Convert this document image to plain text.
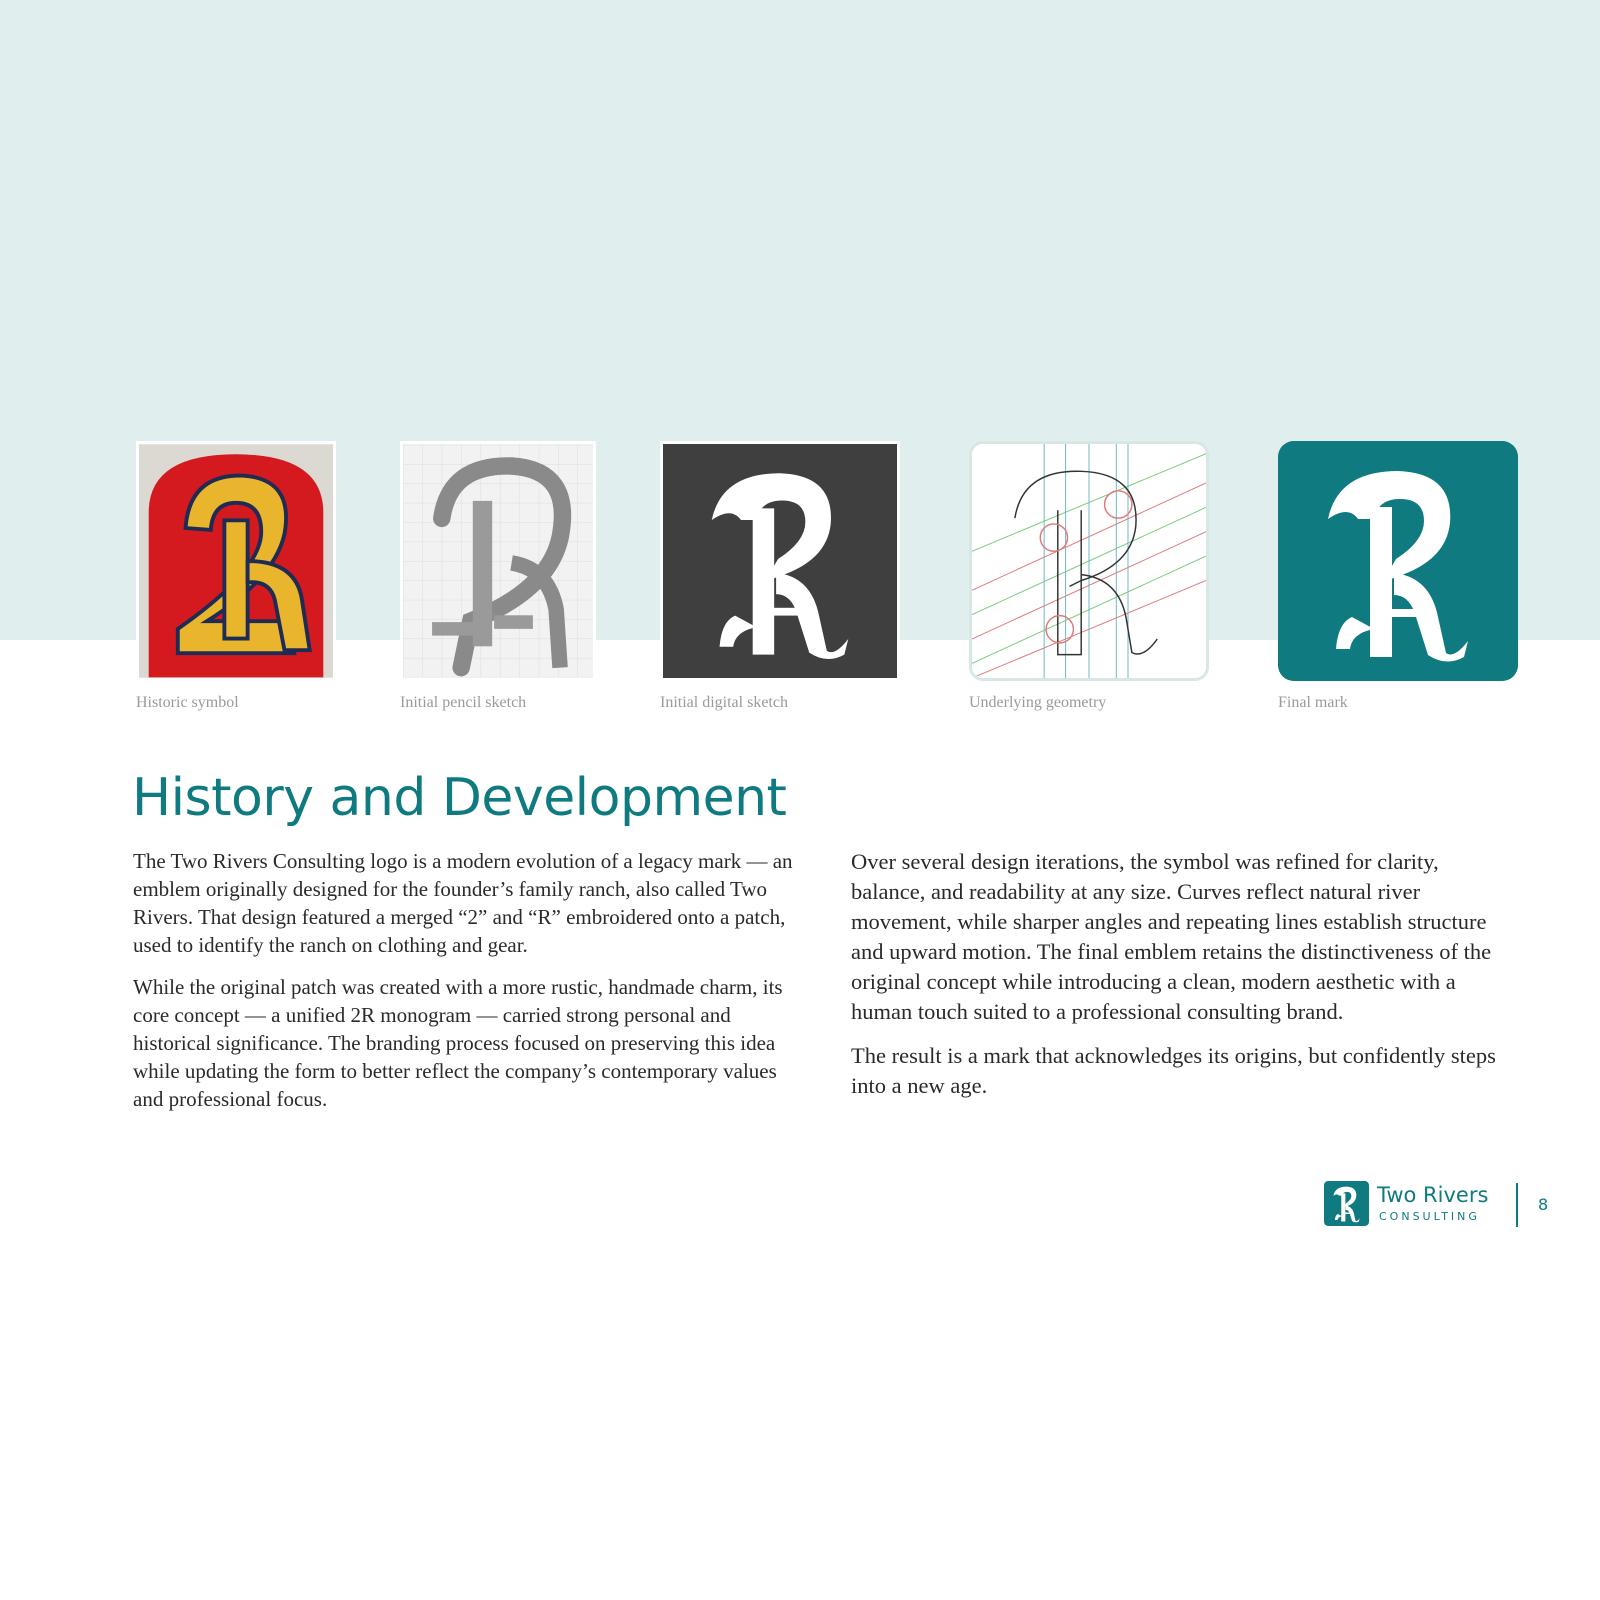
Historic symbol	Initial pencil sketch	Initial digital sketch	Underlying geometry	Final mark
History and Development

The Two Rivers Consulting logo is a modern evolution of a legacy mark — an emblem originally designed for the founder’s family ranch, also called Two Rivers. That design featured a merged “2” and “R” embroidered onto a patch, used to identify the ranch on clothing and gear.

While the original patch was created with a more rustic, handmade charm, its core concept — a unified 2R monogram — carried strong personal and historical significance. The branding process focused on preserving this idea while updating the form to better reflect the company’s contemporary values and professional focus.

Over several design iterations, the symbol was refined for clarity, balance, and readability at any size. Curves reflect natural river movement, while sharper angles and repeating lines establish structure and upward motion. The final emblem retains the distinctiveness of the original concept while introducing a clean, modern aesthetic with a human touch suited to a professional consulting brand.

The result is a mark that acknowledges its origins, but confidently steps into a new age.

Two Rivers
CONSULTING
8
